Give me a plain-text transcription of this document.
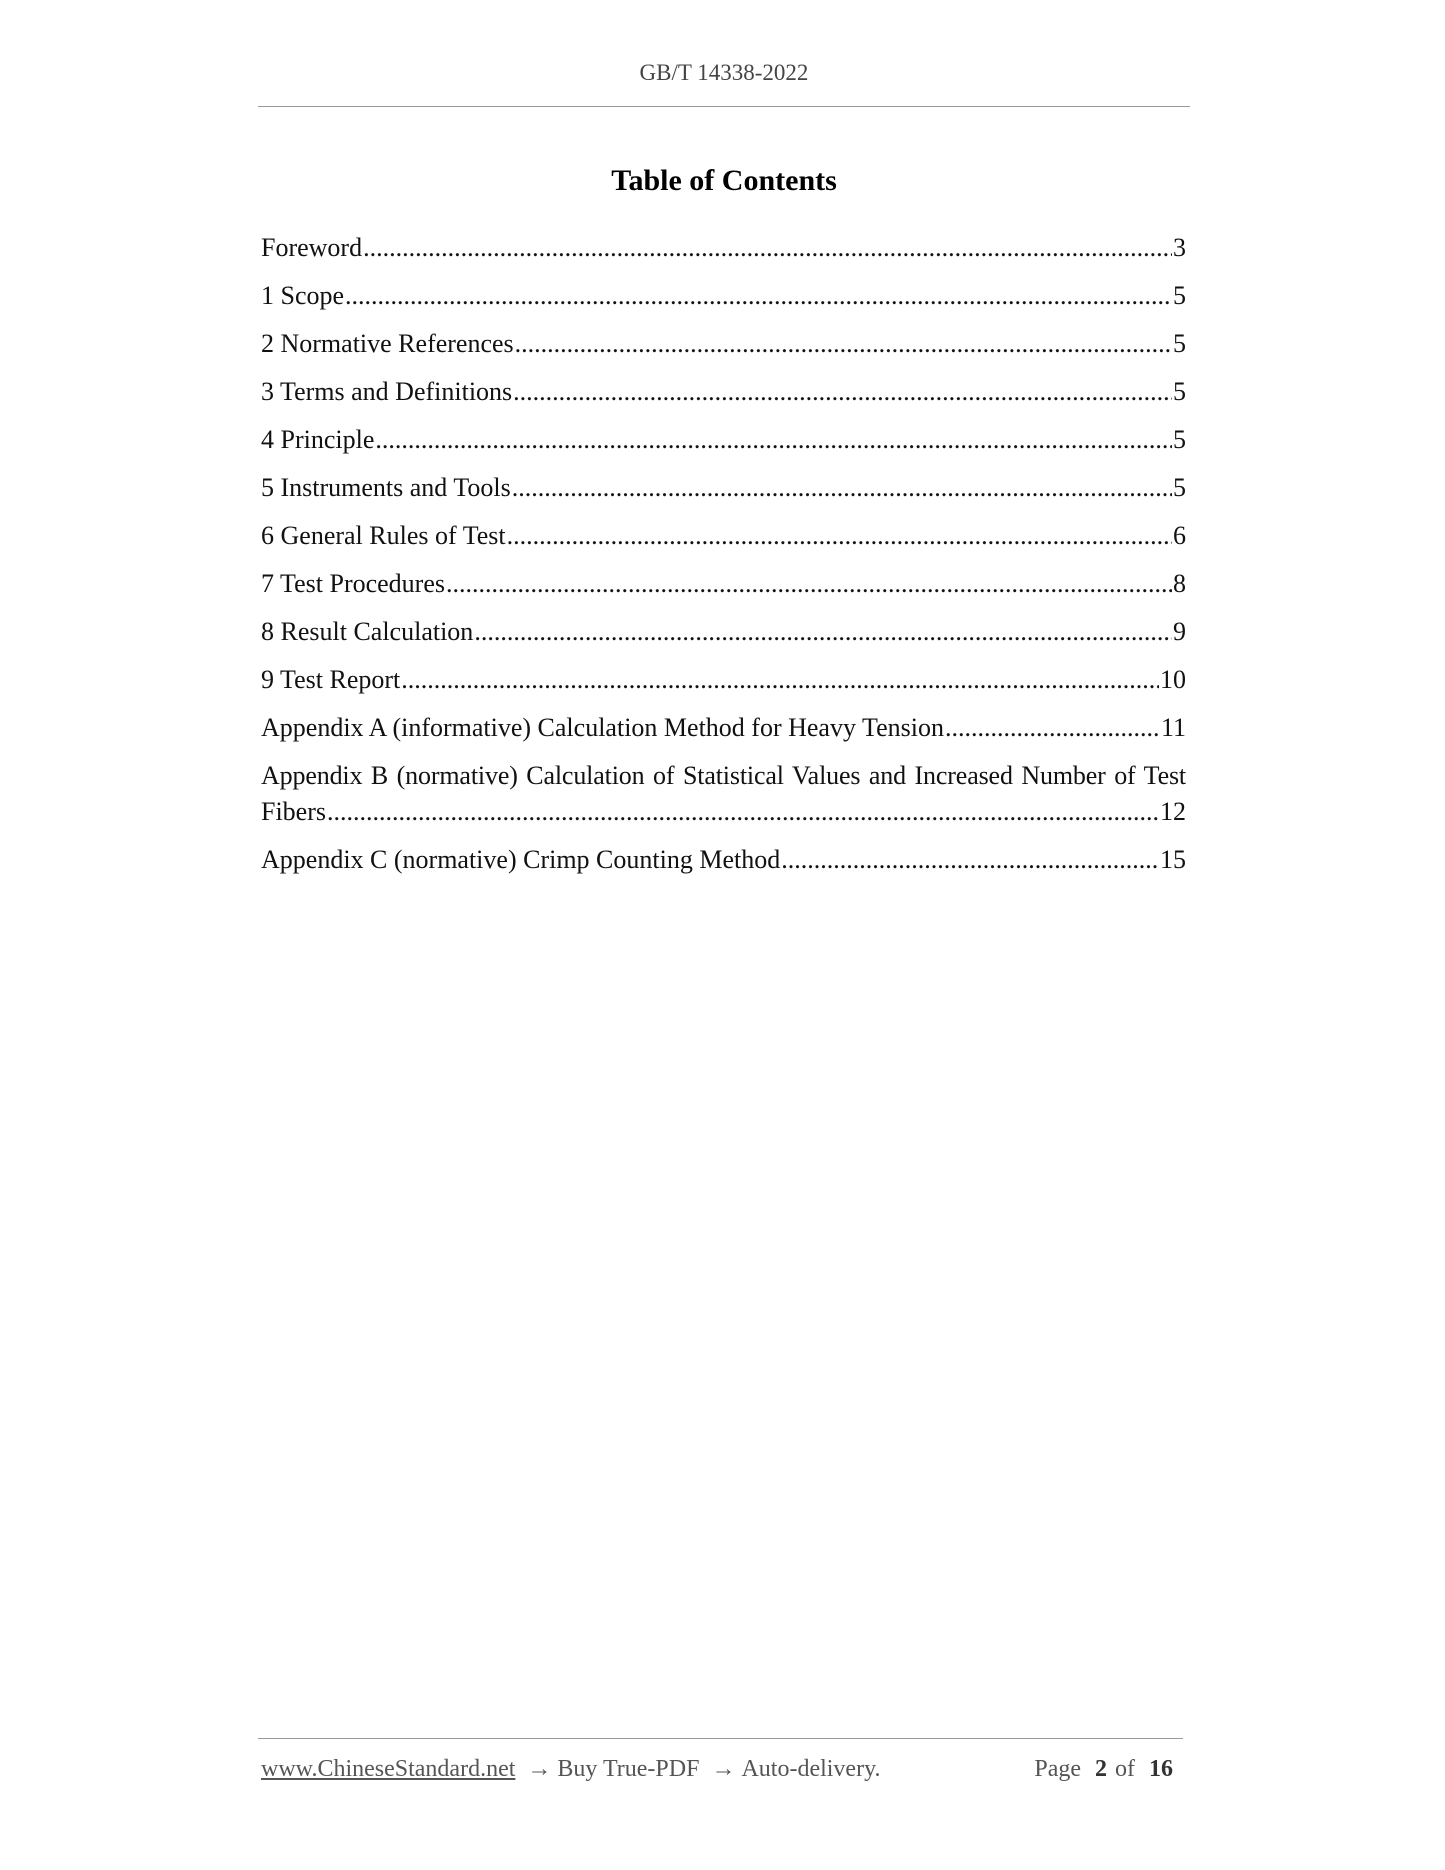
GB/T 14338-2022
Table of Contents
Foreword .....	3
1 Scope .....	5
2 Normative References .....	5
3 Terms and Definitions .....	5
4 Principle .....	5
5 Instruments and Tools .....	5
6 General Rules of Test .....	6
7 Test Procedures .....	8
8 Result Calculation .....	9
9 Test Report .....	10
Appendix A (informative) Calculation Method for Heavy Tension .....	11
Appendix B (normative) Calculation of Statistical Values and Increased Number of Test
Fibers .....	12
Appendix C (normative) Crimp Counting Method .....	15
www.ChineseStandard.net → Buy True-PDF → Auto-delivery.	Page 2 of 16
